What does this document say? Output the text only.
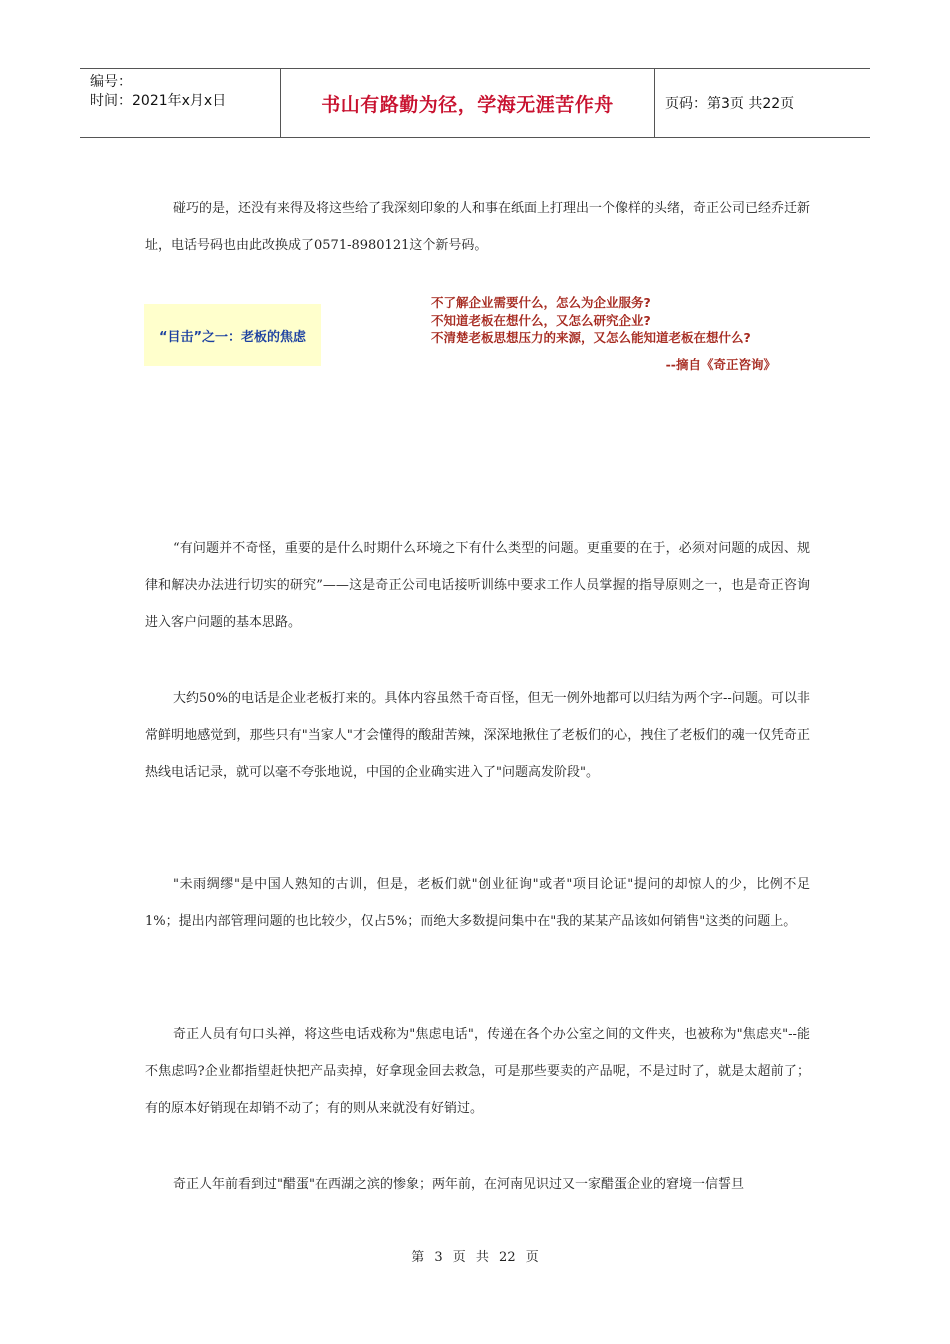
编号：
时间：2021年x月x日	书山有路勤为径，学海无涯苦作舟	页码：第3页 共22页

碰巧的是，还没有来得及将这些给了我深刻印象的人和事在纸面上打理出一个像样的头绪，奇正公司已经乔迁新址，电话号码也由此改换成了0571-8980121这个新号码。

“目击”之一：老板的焦虑
不了解企业需要什么，怎么为企业服务?
不知道老板在想什么，又怎么研究企业?
不清楚老板思想压力的来源，又怎么能知道老板在想什么?
--摘自《奇正咨询》

“有问题并不奇怪，重要的是什么时期什么环境之下有什么类型的问题。更重要的在于，必须对问题的成因、规律和解决办法进行切实的研究”——这是奇正公司电话接听训练中要求工作人员掌握的指导原则之一，也是奇正咨询进入客户问题的基本思路。

大约50%的电话是企业老板打来的。具体内容虽然千奇百怪，但无一例外地都可以归结为两个字--问题。可以非常鲜明地感觉到，那些只有"当家人"才会懂得的酸甜苦辣，深深地揪住了老板们的心，拽住了老板们的魂一仅凭奇正热线电话记录，就可以毫不夸张地说，中国的企业确实进入了"问题高发阶段"。

"未雨绸缪"是中国人熟知的古训，但是，老板们就"创业征询"或者"项目论证"提问的却惊人的少，比例不足1%；提出内部管理问题的也比较少，仅占5%；而绝大多数提问集中在"我的某某产品该如何销售"这类的问题上。

奇正人员有句口头禅，将这些电话戏称为"焦虑电话"，传递在各个办公室之间的文件夹，也被称为"焦虑夹"--能不焦虑吗?企业都指望赶快把产品卖掉，好拿现金回去救急，可是那些要卖的产品呢，不是过时了，就是太超前了；有的原本好销现在却销不动了；有的则从来就没有好销过。

奇正人年前看到过"醋蛋"在西湖之滨的惨象；两年前，在河南见识过又一家醋蛋企业的窘境一信誓旦

第 3 页 共 22 页
